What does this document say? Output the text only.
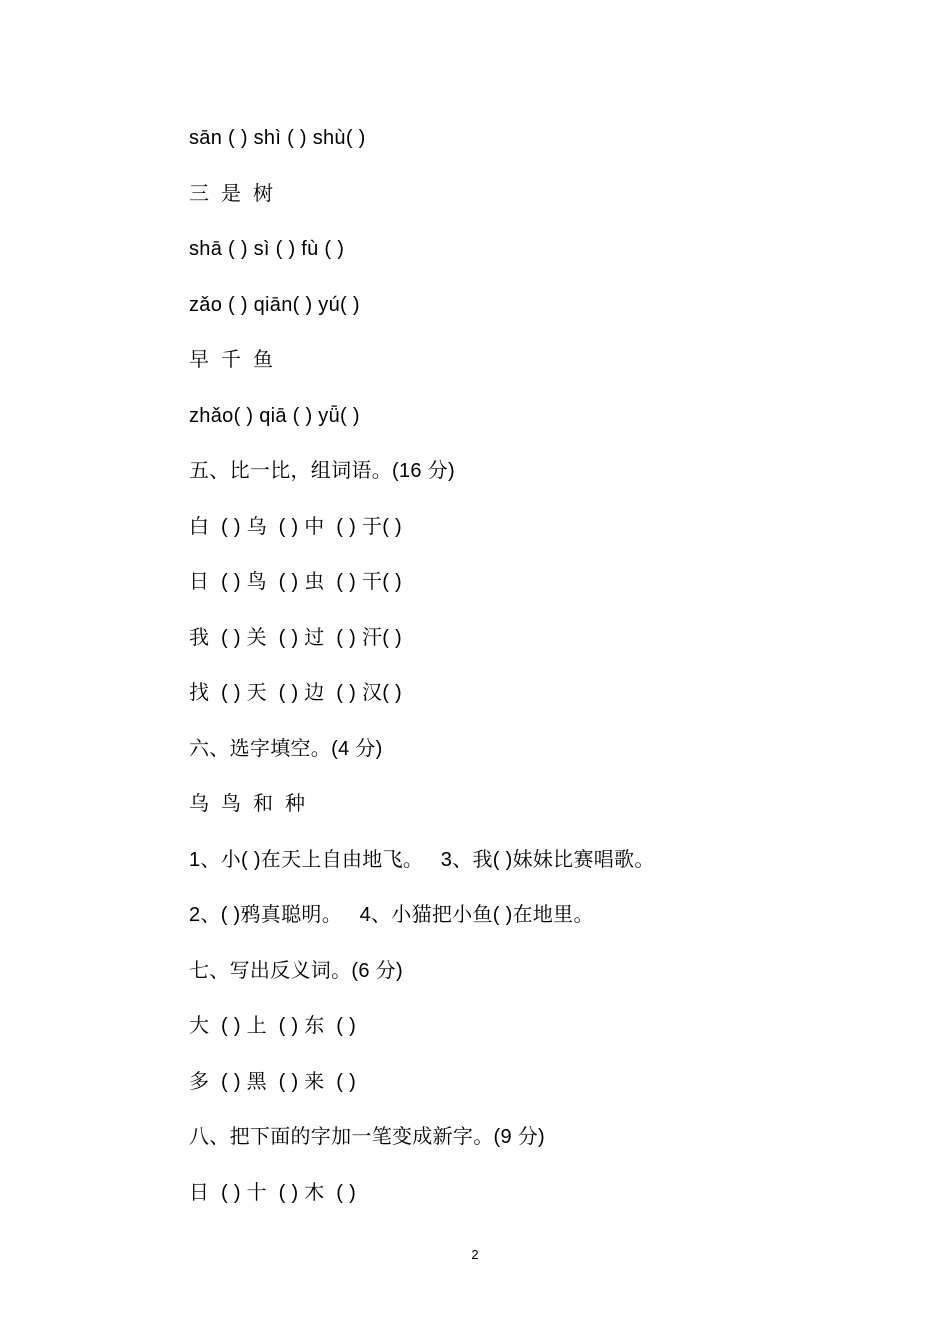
sān ( ) shì ( ) shù( )
三  是  树
shā ( ) sì ( ) fù ( )
zǎo ( ) qiān( ) yú( )
早  千  鱼
zhǎo( ) qiā ( ) yǖ( )
五、比一比，组词语。(16 分)
白  ( ) 乌  ( ) 中  ( ) 于( )
日  ( ) 鸟  ( ) 虫  ( ) 干( )
我  ( ) 关  ( ) 过  ( ) 汗( )
找  ( ) 天  ( ) 边  ( ) 汉( )
六、选字填空。(4 分)
乌  鸟  和  种
1、小( )在天上自由地飞。   3、我( )妹妹比赛唱歌。
2、( )鸦真聪明。   4、小猫把小鱼( )在地里。
七、写出反义词。(6 分)
大  ( ) 上  ( ) 东  ( )
多  ( ) 黑  ( ) 来  ( )
八、把下面的字加一笔变成新字。(9 分)
日  ( ) 十  ( ) 木  ( )
2
